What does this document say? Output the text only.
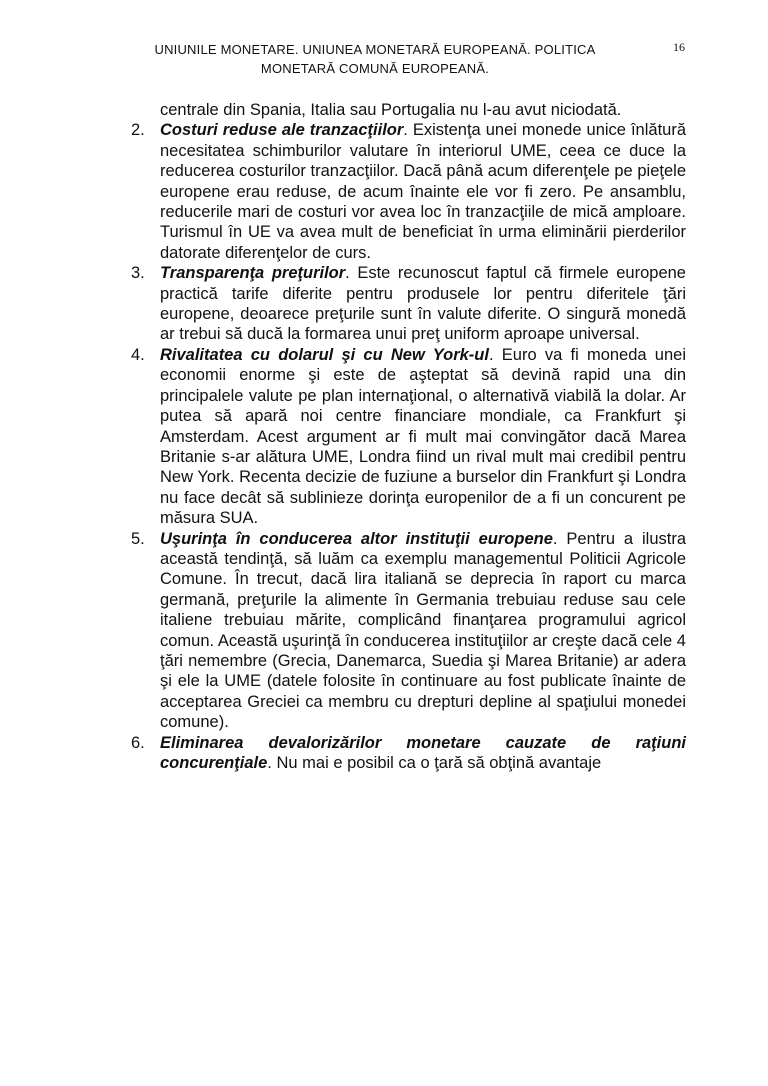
UNIUNILE MONETARE. UNIUNEA MONETARĂ EUROPEANĂ. POLITICA
MONETARĂ COMUNĂ EUROPEANĂ.
16

centrale din Spania, Italia sau Portugalia nu l-au avut niciodată.

2. Costuri reduse ale tranzacţiilor. Existenţa unei monede unice înlătură necesitatea schimburilor valutare în interiorul UME, ceea ce duce la reducerea costurilor tranzacţiilor. Dacă până acum diferenţele pe pieţele europene erau reduse, de acum înainte ele vor fi zero. Pe ansamblu, reducerile mari de costuri vor avea loc în tranzacţiile de mică amploare. Turismul în UE va avea mult de beneficiat în urma eliminării pierderilor datorate diferenţelor de curs.

3. Transparenţa preţurilor. Este recunoscut faptul că firmele europene practică tarife diferite pentru produsele lor pentru diferitele ţări europene, deoarece preţurile sunt în valute diferite. O singură monedă ar trebui să ducă la formarea unui preţ uniform aproape universal.

4. Rivalitatea cu dolarul şi cu New York-ul. Euro va fi moneda unei economii enorme şi este de aşteptat să devină rapid una din principalele valute pe plan internaţional, o alternativă viabilă la dolar. Ar putea să apară noi centre financiare mondiale, ca Frankfurt şi Amsterdam. Acest argument ar fi mult mai convingător dacă Marea Britanie s-ar alătura UME, Londra fiind un rival mult mai credibil pentru New York. Recenta decizie de fuziune a burselor din Frankfurt şi Londra nu face decât să sublinieze dorinţa europenilor de a fi un concurent pe măsura SUA.

5. Uşurinţa în conducerea altor instituţii europene. Pentru a ilustra această tendinţă, să luăm ca exemplu managementul Politicii Agricole Comune. În trecut, dacă lira italiană se deprecia în raport cu marca germană, preţurile la alimente în Germania trebuiau reduse sau cele italiene trebuiau mărite, complicând finanţarea programului agricol comun. Această uşurinţă în conducerea instituţiilor ar creşte dacă cele 4 ţări nemembre (Grecia, Danemarca, Suedia şi Marea Britanie) ar adera şi ele la UME (datele folosite în continuare au fost publicate înainte de acceptarea Greciei ca membru cu drepturi depline al spaţiului monedei comune).

6. Eliminarea devalorizărilor monetare cauzate de raţiuni concurenţiale. Nu mai e posibil ca o ţară să obţină avantaje
